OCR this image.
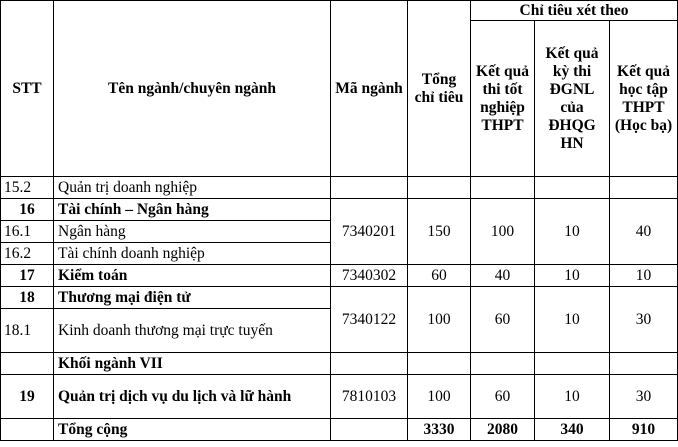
STT	Tên ngành/chuyên ngành	Mã ngành	Tổng chỉ tiêu	Chỉ tiêu xét theo		
				Kết quả thi tốt nghiệp THPT	Kết quả kỳ thi ĐGNL của ĐHQG HN	Kết quả học tập THPT (Học bạ)
15.2	Quản trị doanh nghiệp					
16	Tài chính – Ngân hàng	7340201	150	100	10	40
16.1	Ngân hàng					
16.2	Tài chính doanh nghiệp					
17	Kiểm toán	7340302	60	40	10	10
18	Thương mại điện tử	7340122	100	60	10	30
18.1	Kinh doanh thương mại trực tuyến					
	Khối ngành VII					
19	Quản trị dịch vụ du lịch và lữ hành	7810103	100	60	10	30
	Tổng cộng		3330	2080	340	910
